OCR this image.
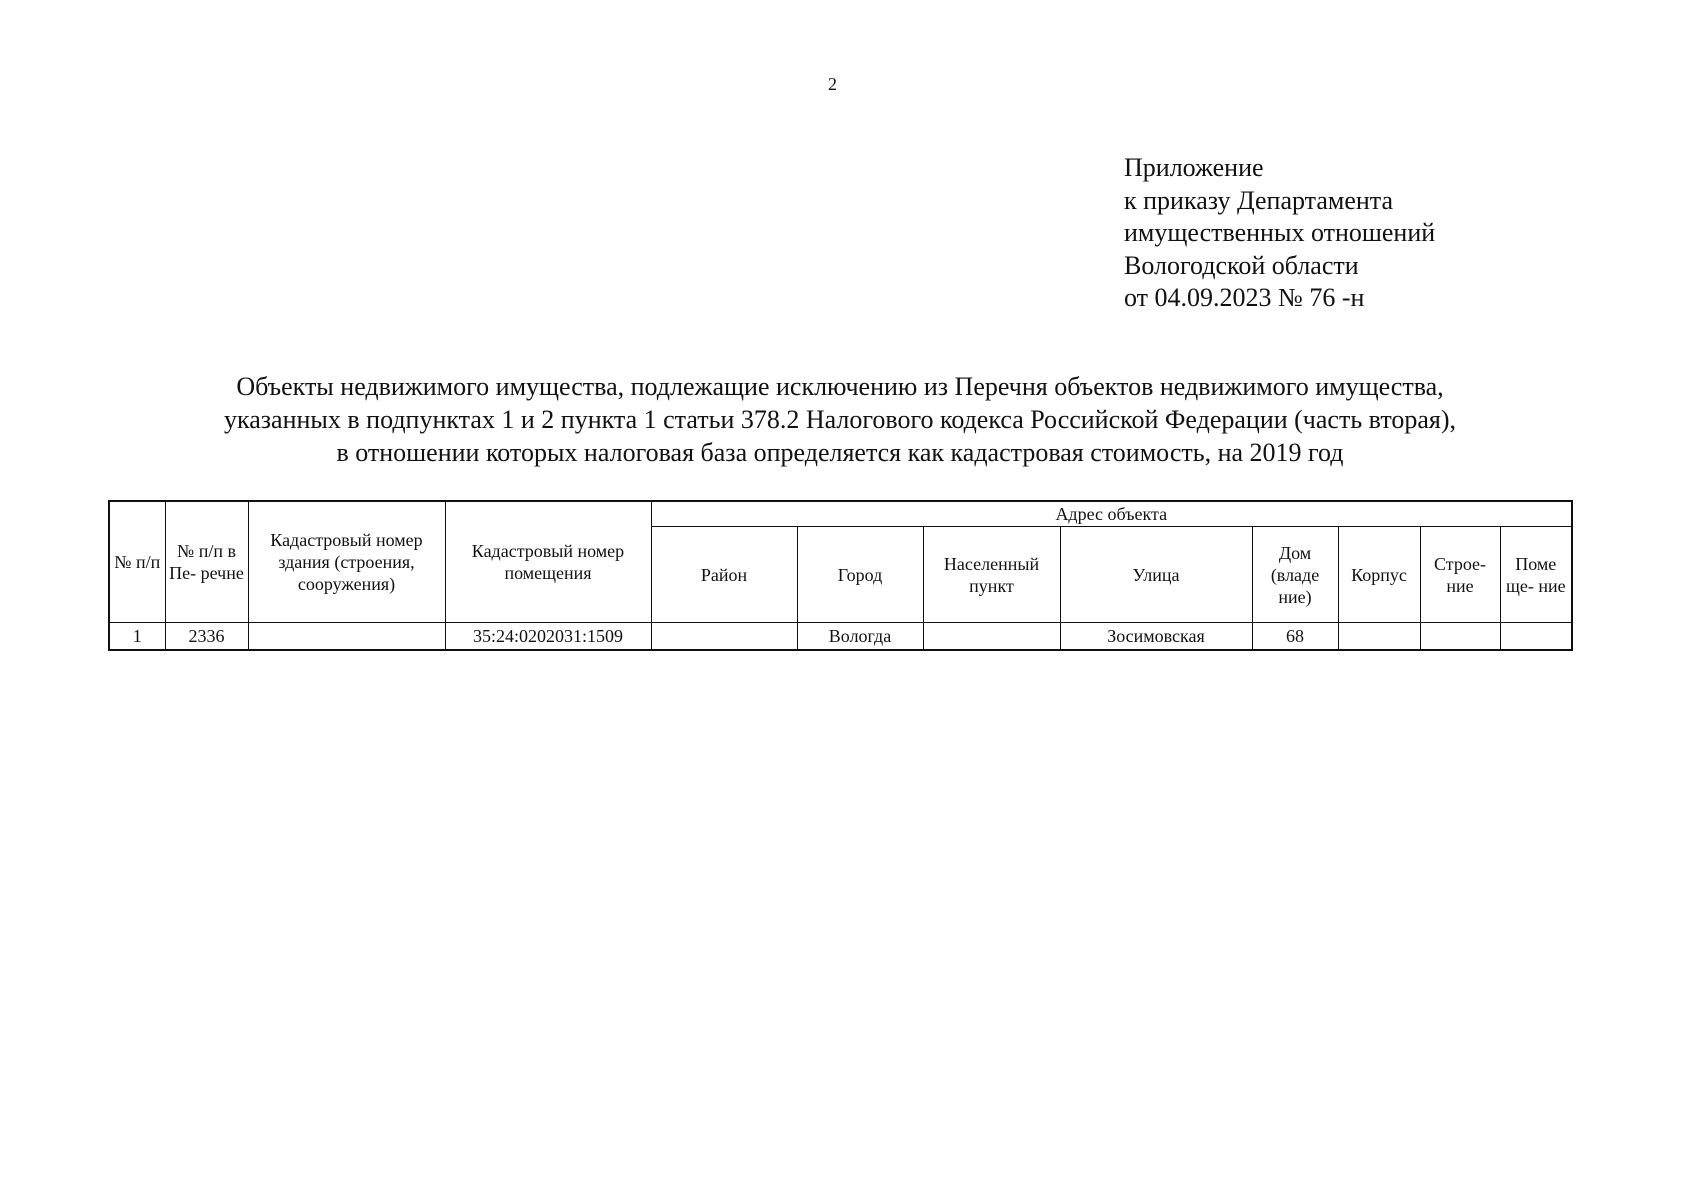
2
Приложение
к приказу Департамента
имущественных отношений
Вологодской области
от 04.09.2023 № 76 -н
Объекты недвижимого имущества, подлежащие исключению из Перечня объектов недвижимого имущества,
указанных в подпунктах 1 и 2 пункта 1 статьи 378.2 Налогового кодекса Российской Федерации (часть вторая),
в отношении которых налоговая база определяется как кадастровая стоимость, на 2019 год
№ п/п	№ п/п в Пе- речне	Кадастровый номер здания (строения, сооружения)	Кадастровый номер помещения	Адрес объекта							
				Район	Город	Населенный пункт	Улица	Дом (владе ние)	Корпус	Строе- ние	Поме ще- ние
1	2336		35:24:0202031:1509		Вологда		Зосимовская	68			
